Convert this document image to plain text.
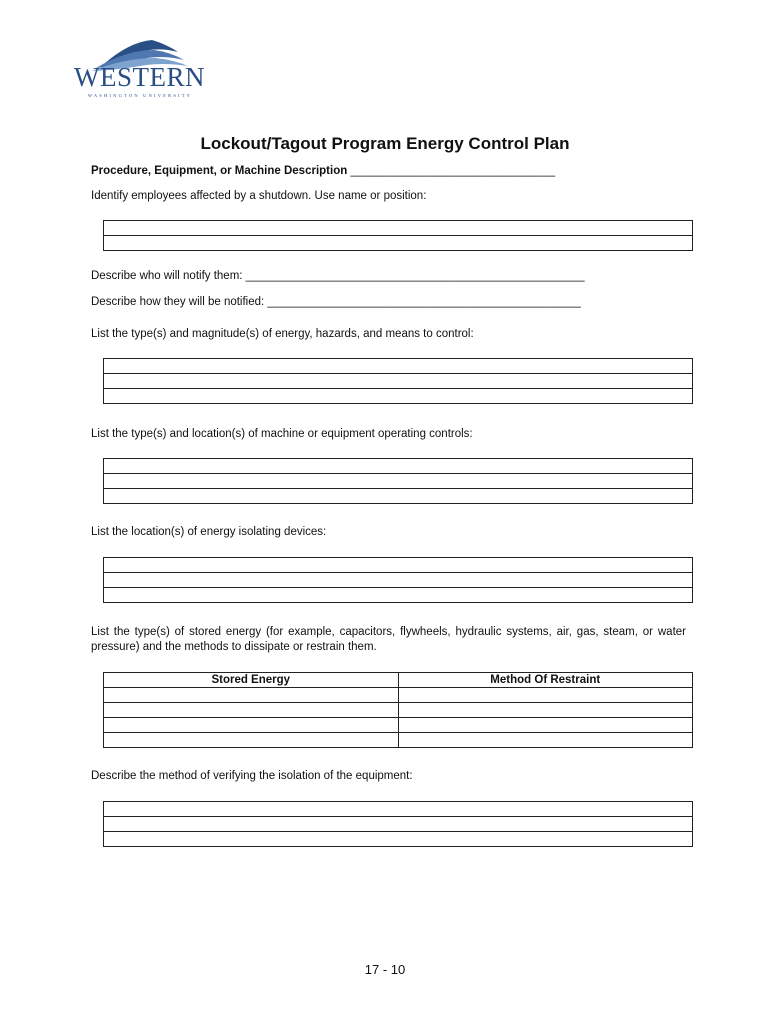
WESTERN
WASHINGTON UNIVERSITY
Lockout/Tagout Program Energy Control Plan
Procedure, Equipment, or Machine Description ________________________________
Identify employees affected by a shutdown. Use name or position:

Describe who will notify them: _____________________________________________________
Describe how they will be notified: _________________________________________________
List the type(s) and magnitude(s) of energy, hazards, and means to control:

List the type(s) and location(s) of machine or equipment operating controls:

List the location(s) of energy isolating devices:

List the type(s) of stored energy (for example, capacitors, flywheels, hydraulic systems, air, gas, steam, or water pressure) and the methods to dissipate or restrain them.
Stored Energy	Method Of Restraint

Describe the method of verifying the isolation of the equipment:

17 - 10
